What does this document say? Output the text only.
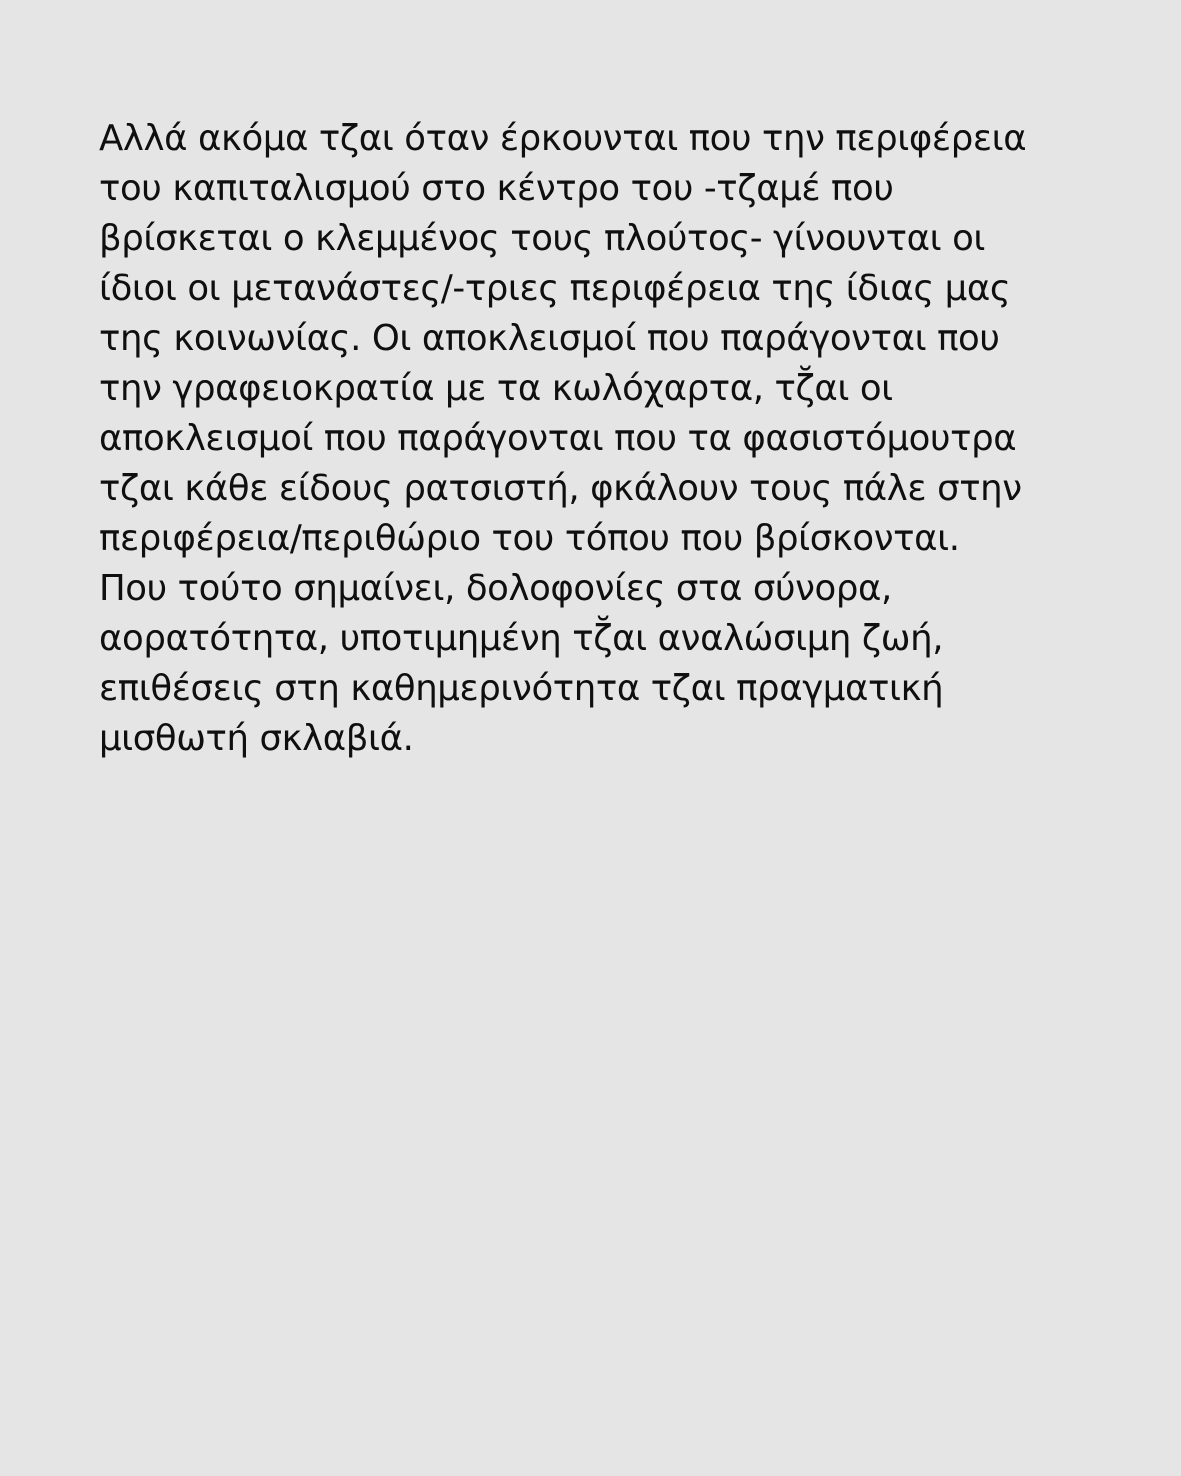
Αλλά ακόμα τζαι όταν έρκουνται που την περιφέρεια
του καπιταλισμού στο κέντρο του -τζαμέ που
βρίσκεται ο κλεμμένος τους πλούτος- γίνουνται οι
ίδιοι οι μετανάστες/-τριες περιφέρεια της ίδιας μας
της κοινωνίας. Οι αποκλεισμοί που παράγονται που
την γραφειοκρατία με τα κωλόχαρτα, τζ̆αι οι
αποκλεισμοί που παράγονται που τα φασιστόμουτρα
τζαι κάθε είδους ρατσιστή, φκάλουν τους πάλε στην
περιφέρεια/περιθώριο του τόπου που βρίσκονται.
Που τούτο σημαίνει, δολοφονίες στα σύνορα,
αορατότητα, υποτιμημένη τζ̆αι αναλώσιμη ζωή,
επιθέσεις στη καθημερινότητα τζαι πραγματική
μισθωτή σκλαβιά.
